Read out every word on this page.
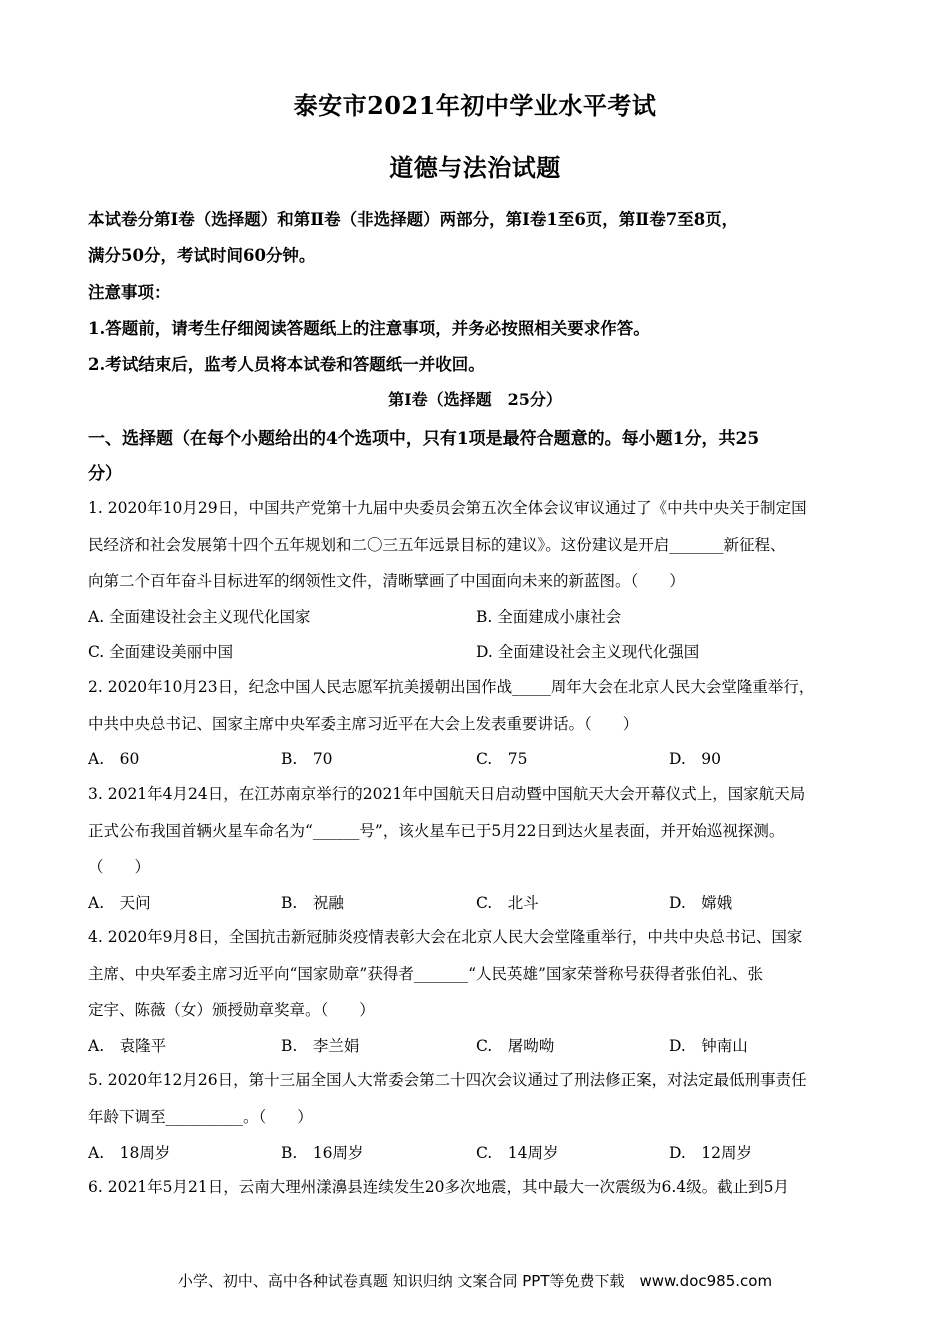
泰安市2021年初中学业水平考试
道德与法治试题
本试卷分第Ⅰ卷（选择题）和第Ⅱ卷（非选择题）两部分，第Ⅰ卷1至6页，第Ⅱ卷7至8页，
满分50分，考试时间60分钟。
注意事项：
1.答题前，请考生仔细阅读答题纸上的注意事项，并务必按照相关要求作答。
2.考试结束后，监考人员将本试卷和答题纸一并收回。
第Ⅰ卷（选择题　25分）
一、选择题（在每个小题给出的4个选项中，只有1项是最符合题意的。每小题1分，共25
分）
1. 2020年10月29日，中国共产党第十九届中央委员会第五次全体会议审议通过了《中共中央关于制定国
民经济和社会发展第十四个五年规划和二〇三五年远景目标的建议》。这份建议是开启_______新征程、
向第二个百年奋斗目标进军的纲领性文件，清晰擘画了中国面向未来的新蓝图。（　　）
A. 全面建设社会主义现代化国家	B. 全面建成小康社会
C. 全面建设美丽中国	D. 全面建设社会主义现代化强国
2. 2020年10月23日，纪念中国人民志愿军抗美援朝出国作战_____周年大会在北京人民大会堂隆重举行，
中共中央总书记、国家主席中央军委主席习近平在大会上发表重要讲话。（　　）
A.　60	B.　70	C.　75	D.　90
3. 2021年4月24日，在江苏南京举行的2021年中国航天日启动暨中国航天大会开幕仪式上，国家航天局
正式公布我国首辆火星车命名为“______号”，该火星车已于5月22日到达火星表面，并开始巡视探测。
（　　）
A.　天问	B.　祝融	C.　北斗	D.　嫦娥
4. 2020年9月8日，全国抗击新冠肺炎疫情表彰大会在北京人民大会堂隆重举行，中共中央总书记、国家
主席、中央军委主席习近平向“国家勋章”获得者_______“人民英雄”国家荣誉称号获得者张伯礼、张
定宇、陈薇（女）颁授勋章奖章。（　　）
A.　袁隆平	B.　李兰娟	C.　屠呦呦	D.　钟南山
5. 2020年12月26日，第十三届全国人大常委会第二十四次会议通过了刑法修正案，对法定最低刑事责任
年龄下调至__________。（　　）
A.　18周岁	B.　16周岁	C.　14周岁	D.　12周岁
6. 2021年5月21日，云南大理州漾濞县连续发生20多次地震，其中最大一次震级为6.4级。截止到5月
小学、初中、高中各种试卷真题 知识归纳 文案合同 PPT等免费下载　www.doc985.com
